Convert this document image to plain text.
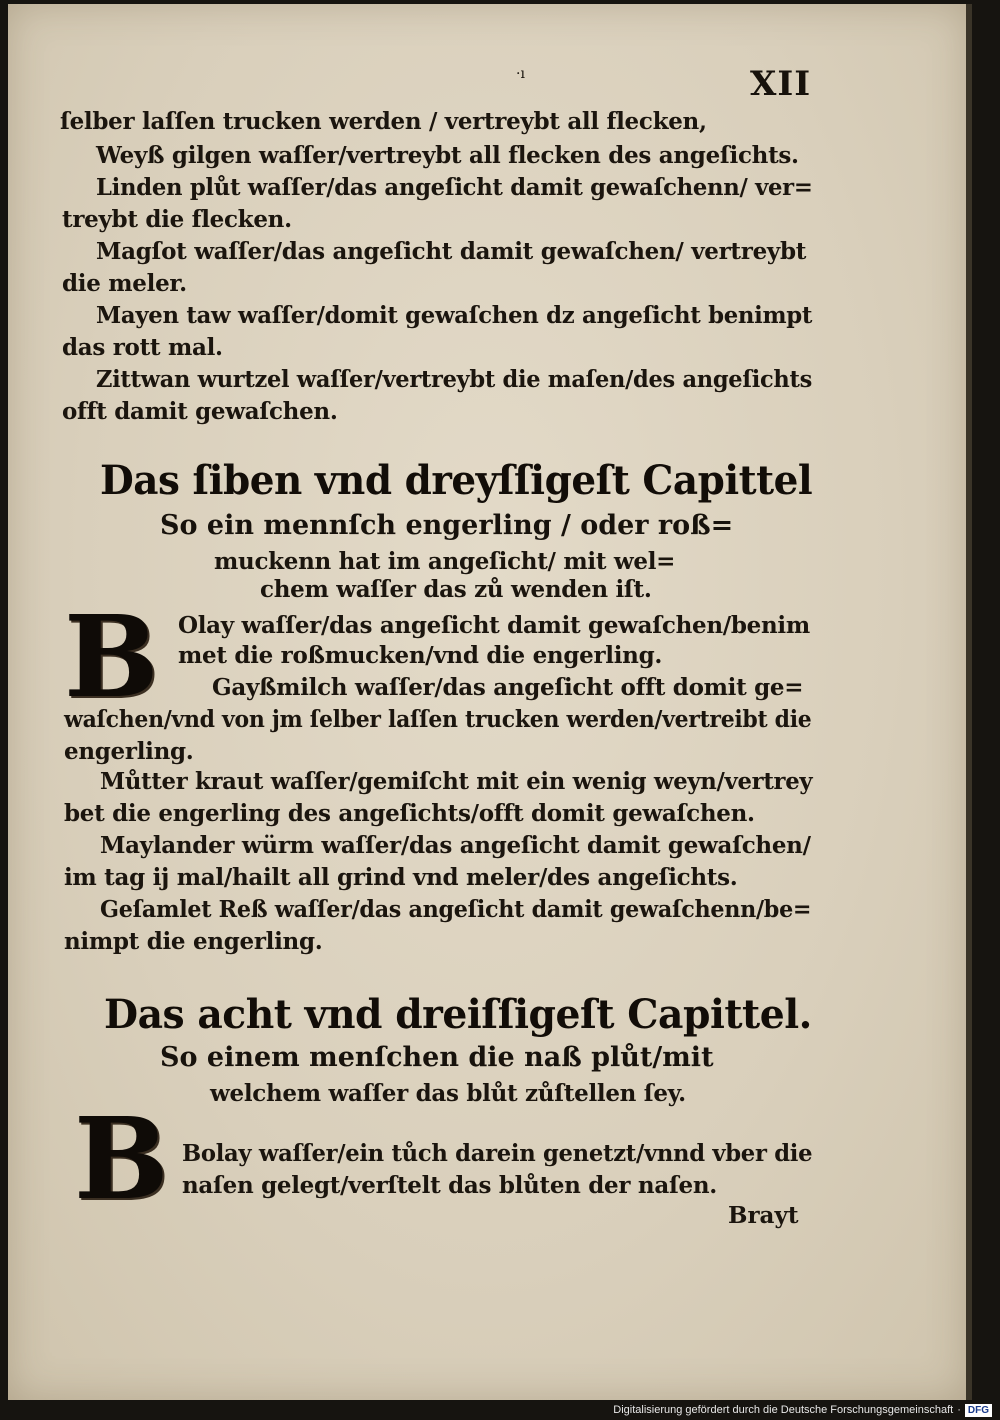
·ı	XII

ſelber laſſen trucken werden / vertreybt all flecken,

Weyß gilgen waſſer/vertreybt all flecken des angeſichts.

Linden plůt waſſer/das angeſicht damit gewaſchenn/ ver=

treybt die flecken.

Magſot waſſer/das angeſicht damit gewaſchen/ vertreybt

die meler.

Mayen taw waſſer/domit gewaſchen dz angeſicht benimpt

das rott mal.

Zittwan wurtzel waſſer/vertreybt die maſen/des angeſichts

offt damit gewaſchen.

Das ſiben vnd dreyſſigeſt Capittel

So ein mennſch engerling / oder roß=

muckenn hat im angeſicht/ mit wel=

chem waſſer das zů wenden iſt.

B Olay waſſer/das angeſicht damit gewaſchen/benim

met die roßmucken/vnd die engerling.

Gayßmilch waſſer/das angeſicht offt domit ge=

waſchen/vnd von jm ſelber laſſen trucken werden/vertreibt die

engerling.

Můtter kraut waſſer/gemiſcht mit ein wenig weyn/vertrey

bet die engerling des angeſichts/offt domit gewaſchen.

Maylander würm waſſer/das angeſicht damit gewaſchen/

im tag ij mal/hailt all grind vnd meler/des angeſichts.

Geſamlet Reß waſſer/das angeſicht damit gewaſchenn/be=

nimpt die engerling.

Das acht vnd dreiſſigeſt Capittel.

So einem menſchen die naß plůt/mit

welchem waſſer das blůt zůſtellen ſey.

B Bolay waſſer/ein tůch darein genetzt/vnnd vber die

naſen gelegt/verſtelt das blůten der naſen.

Brayt
Digitalisierung gefördert durch die Deutsche Forschungsgemeinschaft · DFG
